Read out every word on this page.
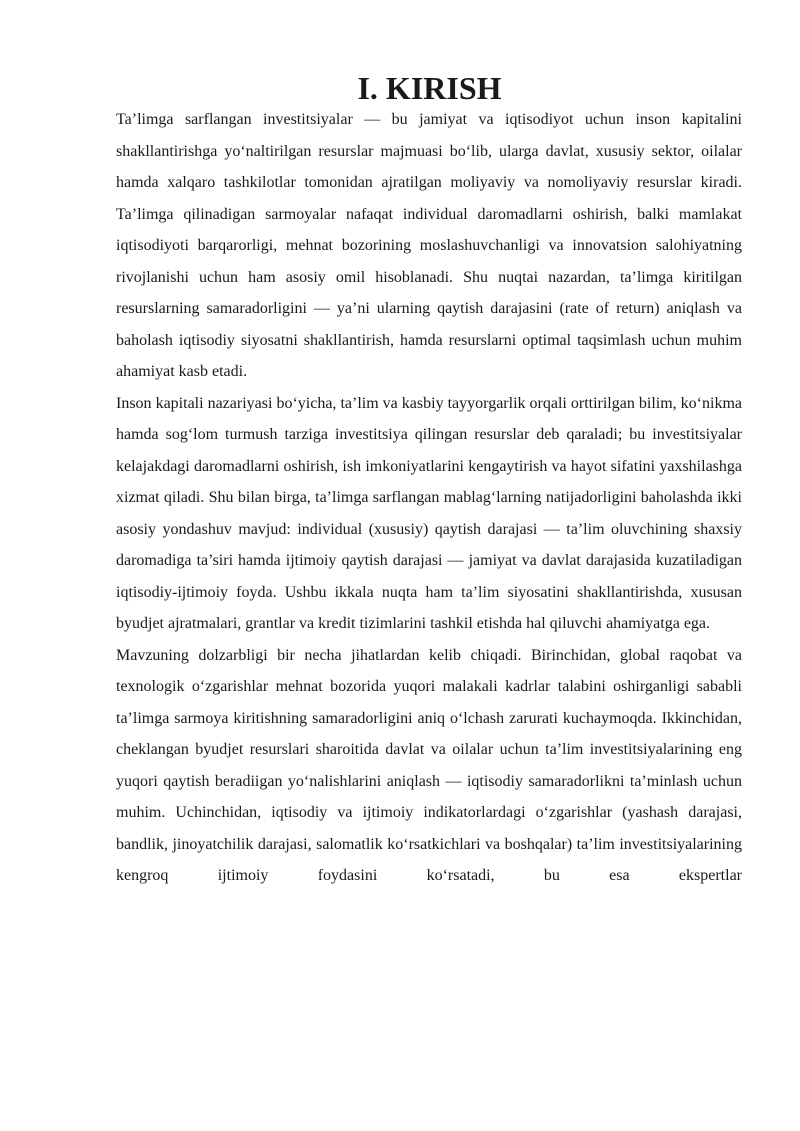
I. KIRISH

Ta’limga sarflangan investitsiyalar — bu jamiyat va iqtisodiyot uchun inson kapitalini shakllantirishga yo‘naltirilgan resurslar majmuasi bo‘lib, ularga davlat, xususiy sektor, oilalar hamda xalqaro tashkilotlar tomonidan ajratilgan moliyaviy va nomoliyaviy resurslar kiradi. Ta’limga qilinadigan sarmoyalar nafaqat individual daromadlarni oshirish, balki mamlakat iqtisodiyoti barqarorligi, mehnat bozorining moslashuvchanligi va innovatsion salohiyatning rivojlanishi uchun ham asosiy omil hisoblanadi. Shu nuqtai nazardan, ta’limga kiritilgan resurslarning samaradorligini — ya’ni ularning qaytish darajasini (rate of return) aniqlash va baholash iqtisodiy siyosatni shakllantirish, hamda resurslarni optimal taqsimlash uchun muhim ahamiyat kasb etadi.

Inson kapitali nazariyasi bo‘yicha, ta’lim va kasbiy tayyorgarlik orqali orttirilgan bilim, ko‘nikma hamda sog‘lom turmush tarziga investitsiya qilingan resurslar deb qaraladi; bu investitsiyalar kelajakdagi daromadlarni oshirish, ish imkoniyatlarini kengaytirish va hayot sifatini yaxshilashga xizmat qiladi. Shu bilan birga, ta’limga sarflangan mablag‘larning natijadorligini baholashda ikki asosiy yondashuv mavjud: individual (xususiy) qaytish darajasi — ta’lim oluvchining shaxsiy daromadiga ta’siri hamda ijtimoiy qaytish darajasi — jamiyat va davlat darajasida kuzatiladigan iqtisodiy-ijtimoiy foyda. Ushbu ikkala nuqta ham ta’lim siyosatini shakllantirishda, xususan byudjet ajratmalari, grantlar va kredit tizimlarini tashkil etishda hal qiluvchi ahamiyatga ega.

Mavzuning dolzarbligi bir necha jihatlardan kelib chiqadi. Birinchidan, global raqobat va texnologik o‘zgarishlar mehnat bozorida yuqori malakali kadrlar talabini oshirganligi sababli ta’limga sarmoya kiritishning samaradorligini aniq o‘lchash zarurati kuchaymoqda. Ikkinchidan, cheklangan byudjet resurslari sharoitida davlat va oilalar uchun ta’lim investitsiyalarining eng yuqori qaytish beradiigan yo‘nalishlarini aniqlash — iqtisodiy samaradorlikni ta’minlash uchun muhim. Uchinchidan, iqtisodiy va ijtimoiy indikatorlardagi o‘zgarishlar (yashash darajasi, bandlik, jinoyatchilik darajasi, salomatlik ko‘rsatkichlari va boshqalar) ta’lim investitsiyalarining kengroq ijtimoiy foydasini ko‘rsatadi, bu esa ekspertlar
